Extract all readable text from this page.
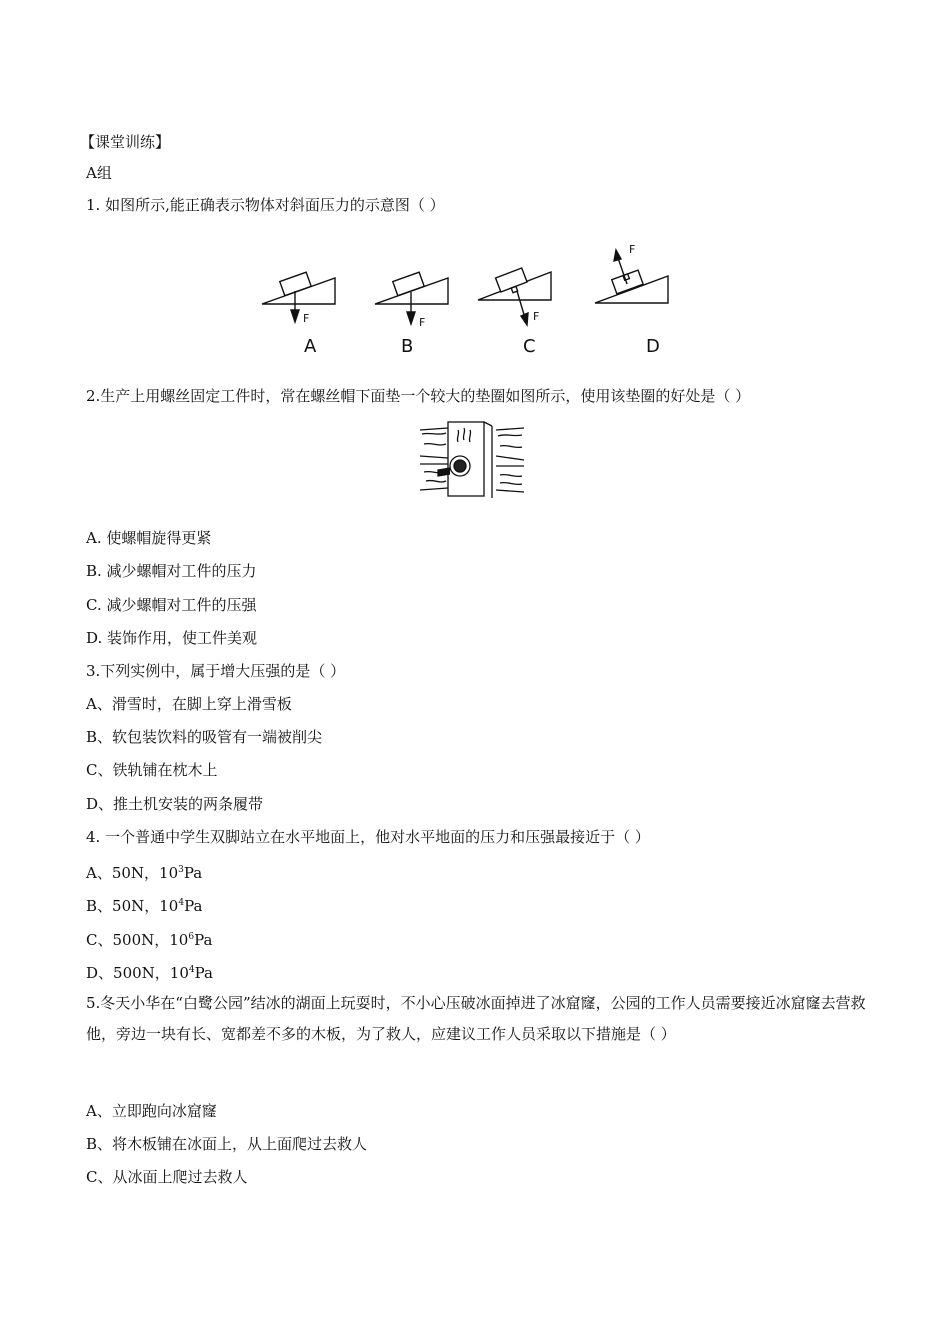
【课堂训练】
A组
1. 如图所示,能正确表示物体对斜面压力的示意图（ ）
F	F	F
F
A	B	C	D
2.生产上用螺丝固定工件时，常在螺丝帽下面垫一个较大的垫圈如图所示，使用该垫圈的好处是（ ）
A. 使螺帽旋得更紧
B. 减少螺帽对工件的压力
C. 减少螺帽对工件的压强
D. 装饰作用，使工件美观
3.下列实例中，属于增大压强的是（ ）
A、滑雪时，在脚上穿上滑雪板
B、软包装饮料的吸管有一端被削尖
C、铁轨铺在枕木上
D、推土机安装的两条履带
4. 一个普通中学生双脚站立在水平地面上，他对水平地面的压力和压强最接近于（ ）
A、50N，$10^3Pa$
B、50N，$10^4Pa$
C、500N，$10^6Pa$
D、500N，$10^4Pa$
5.冬天小华在“白鹭公园”结冰的湖面上玩耍时，不小心压破冰面掉进了冰窟窿，公园的工作人员需要接近冰窟窿去营救他，旁边一块有长、宽都差不多的木板，为了救人，应建议工作人员采取以下措施是（ ）
A、立即跑向冰窟窿
B、将木板铺在冰面上，从上面爬过去救人
C、从冰面上爬过去救人
